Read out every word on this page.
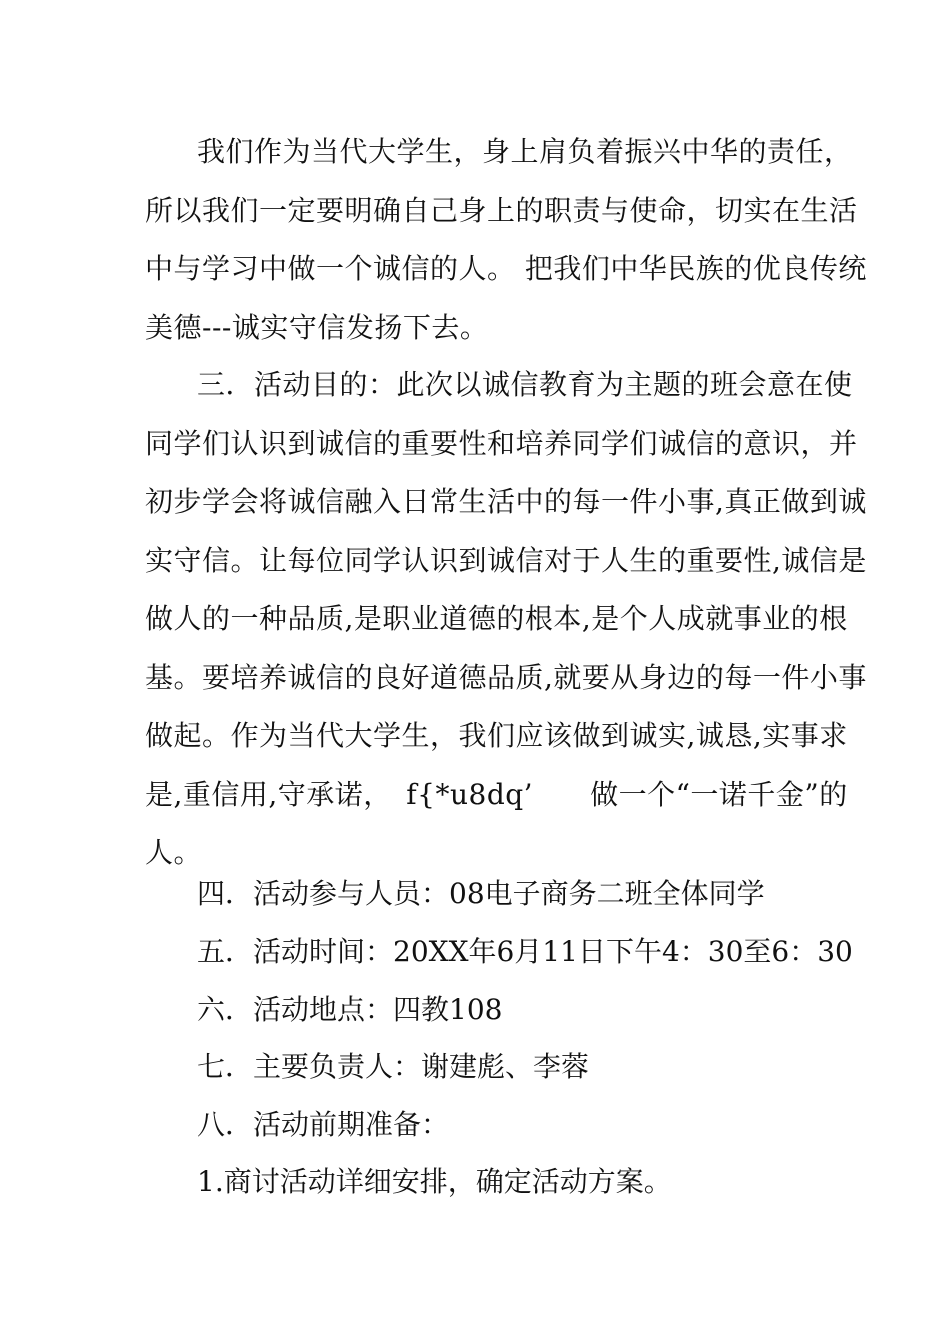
我们作为当代大学生，身上肩负着振兴中华的责任，
所以我们一定要明确自己身上的职责与使命，切实在生活
中与学习中做一个诚信的人。 把我们中华民族的优良传统
美德---诚实守信发扬下去。
三．活动目的：此次以诚信教育为主题的班会意在使
同学们认识到诚信的重要性和培养同学们诚信的意识，并
初步学会将诚信融入日常生活中的每一件小事,真正做到诚
实守信。让每位同学认识到诚信对于人生的重要性,诚信是
做人的一种品质,是职业道德的根本,是个人成就事业的根
基。要培养诚信的良好道德品质,就要从身边的每一件小事
做起。作为当代大学生，我们应该做到诚实,诚恳,实事求
是,重信用,守承诺，　f{*u8dq’　　做一个“一诺千金”的
人。
四．活动参与人员：08电子商务二班全体同学
五．活动时间：20XX年6月11日下午4：30至6：30
六．活动地点：四教108
七．主要负责人：谢建彪、李蓉
八．活动前期准备：
1.商讨活动详细安排，确定活动方案。
